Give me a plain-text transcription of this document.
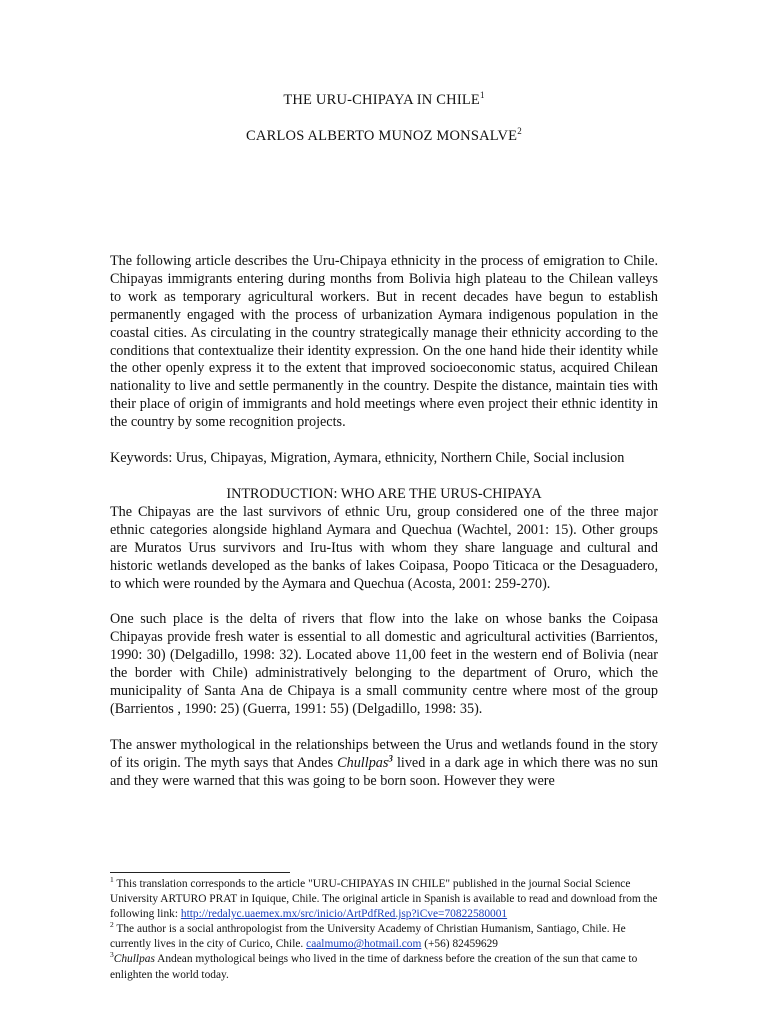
THE URU-CHIPAYA IN CHILE$^1$
CARLOS ALBERTO MUNOZ MONSALVE$^2$

The following article describes the Uru-Chipaya ethnicity in the process of emigration to Chile. Chipayas immigrants entering during months from Bolivia high plateau to the Chilean valleys to work as temporary agricultural workers. But in recent decades have begun to establish permanently engaged with the process of urbanization Aymara indigenous population in the coastal cities. As circulating in the country strategically manage their ethnicity according to the conditions that contextualize their identity expression. On the one hand hide their identity while the other openly express it to the extent that improved socioeconomic status, acquired Chilean nationality to live and settle permanently in the country. Despite the distance, maintain ties with their place of origin of immigrants and hold meetings where even project their ethnic identity in the country by some recognition projects.

Keywords: Urus, Chipayas, Migration, Aymara, ethnicity, Northern Chile, Social inclusion

INTRODUCTION: WHO ARE THE URUS-CHIPAYA

The Chipayas are the last survivors of ethnic Uru, group considered one of the three major ethnic categories alongside highland Aymara and Quechua (Wachtel, 2001: 15). Other groups are Muratos Urus survivors and Iru-Itus with whom they share language and cultural and historic wetlands developed as the banks of lakes Coipasa, Poopo Titicaca or the Desaguadero, to which were rounded by the Aymara and Quechua (Acosta, 2001: 259-270).

One such place is the delta of rivers that flow into the lake on whose banks the Coipasa Chipayas provide fresh water is essential to all domestic and agricultural activities (Barrientos, 1990: 30) (Delgadillo, 1998: 32). Located above 11,00 feet in the western end of Bolivia (near the border with Chile) administratively belonging to the department of Oruro, which the municipality of Santa Ana de Chipaya is a small community centre where most of the group (Barrientos , 1990: 25) (Guerra, 1991: 55) (Delgadillo, 1998: 35).

The answer mythological in the relationships between the Urus and wetlands found in the story of its origin. The myth says that Andes Chullpas$^3$ lived in a dark age in which there was no sun and they were warned that this was going to be born soon. However they were

$^1$ This translation corresponds to the article "URU-CHIPAYAS IN CHILE" published in the journal Social Science University ARTURO PRAT in Iquique, Chile. The original article in Spanish is available to read and download from the following link: http://redalyc.uaemex.mx/src/inicio/ArtPdfRed.jsp?iCve=70822580001

$^2$ The author is a social anthropologist from the University Academy of Christian Humanism, Santiago, Chile. He currently lives in the city of Curico, Chile. caalmumo@hotmail.com (+56) 82459629

$^3$Chullpas Andean mythological beings who lived in the time of darkness before the creation of the sun that came to enlighten the world today.
